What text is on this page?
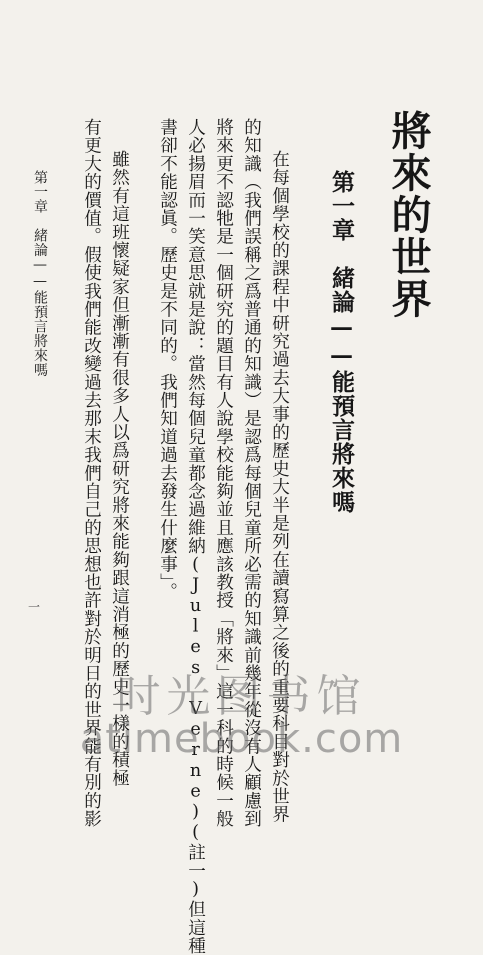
將來的世界
第一章　緒論——能預言將來嗎
在每個學校的課程中研究過去大事的歷史大半是列在讀寫算之後的重要科目對於世界
的知識（我們誤稱之爲普通的知識）是認爲每個兒童所必需的知識前幾年從沒有人顧慮到
將來更不認牠是一個研究的題目有人說學校能夠並且應該教授「將來」這一科的時候一般
人必揚眉而一笑意思就是說：當然每個兒童都念過維納(Jules Verne)(註一)但這種
書卻不能認眞。歷史是不同的。我們知道過去發生什麼事」。
雖然有這班懷疑家但漸漸有很多人以爲研究將來能夠跟這消極的歷史一樣的積極
有更大的價值。假使我們能改變過去那末我們自己的思想也許對於明日的世界能有別的影
第一章　緒論——能預言將來嗎
一
时光图书馆
atimebook.com
